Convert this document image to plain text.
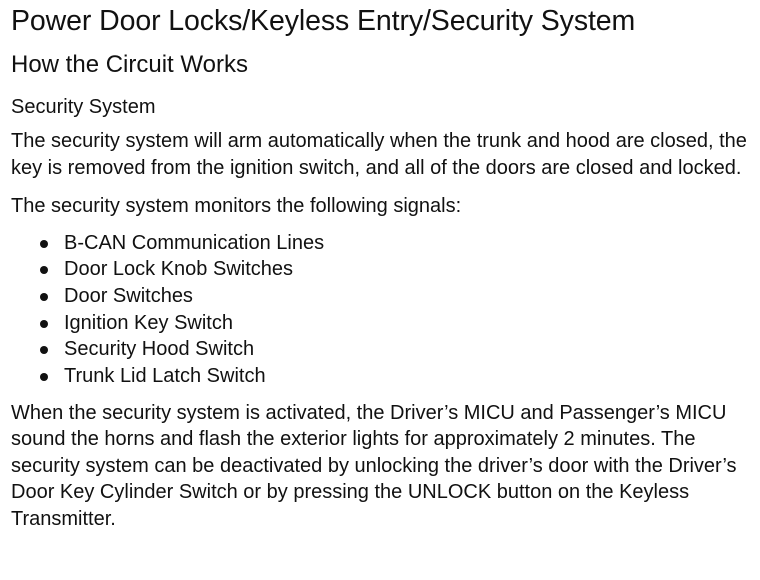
Power Door Locks/Keyless Entry/Security System
How the Circuit Works
Security System

The security system will arm automatically when the trunk and hood are closed, the key is removed from the ignition switch, and all of the doors are closed and locked.

The security system monitors the following signals:

B-CAN Communication Lines
Door Lock Knob Switches
Door Switches
Ignition Key Switch
Security Hood Switch
Trunk Lid Latch Switch

When the security system is activated, the Driver’s MICU and Passenger’s MICU sound the horns and flash the exterior lights for approximately 2 minutes. The security system can be deactivated by unlocking the driver’s door with the Driver’s Door Key Cylinder Switch or by pressing the UNLOCK button on the Keyless Transmitter.
